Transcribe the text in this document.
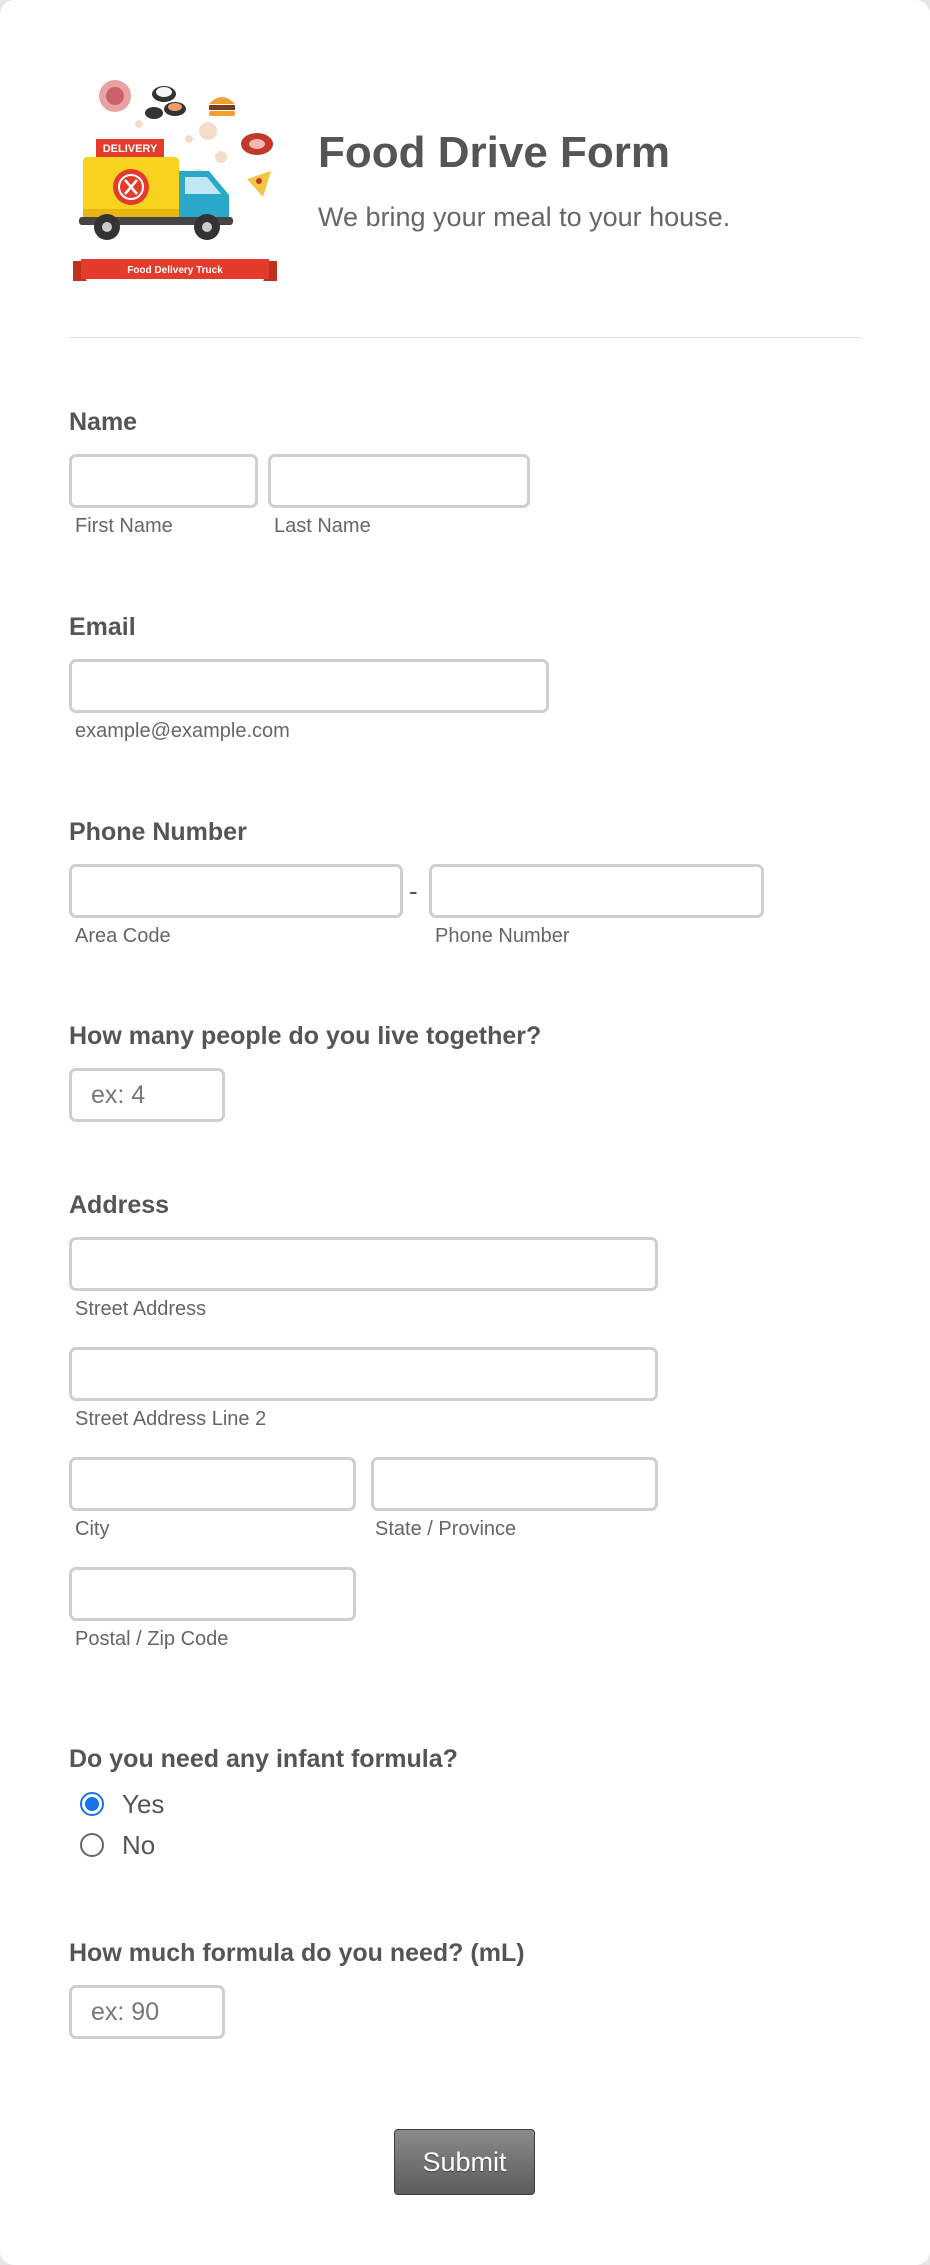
DELIVERY
Food Delivery Truck
Food Drive Form
We bring your meal to your house.
Name
First Name	Last Name
Email
example@example.com
Phone Number
-
Area Code	Phone Number
How many people do you live together?
ex: 4
Address
Street Address
Street Address Line 2
City	State / Province
Postal / Zip Code
Do you need any infant formula?
Yes
No
How much formula do you need? (mL)
ex: 90
Submit
